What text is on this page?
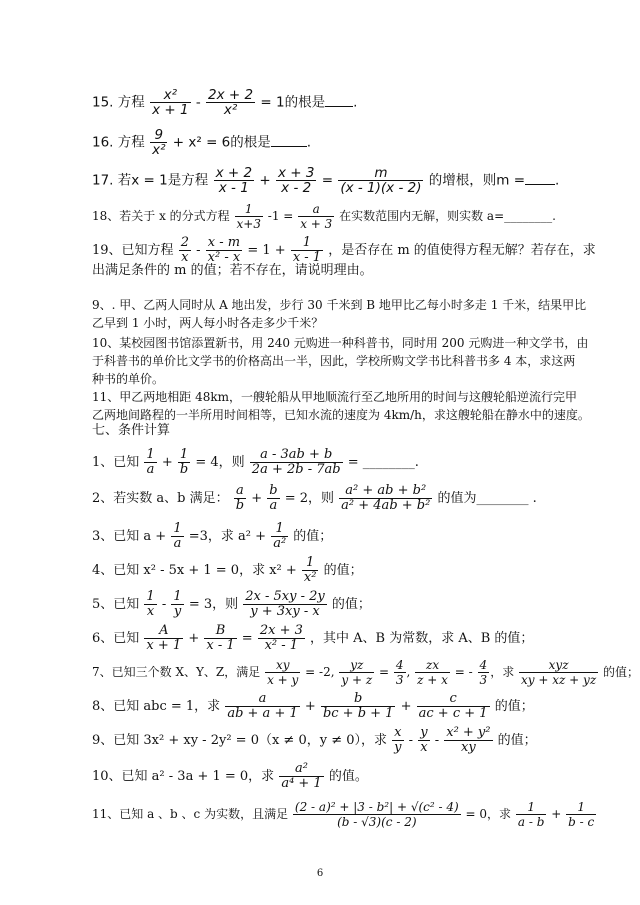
15. 方程 $\frac{\text{x²}}{x + 1} - \frac{2x + 2}{\text{x²}} = 1$的根是 .
16. 方程 $\frac{9}{\text{x²}} + x^2 = 6$的根是	.
17. 若x = 1是方程 $\frac{x + 2}{x - 1} + \frac{x + 3}{x - 2} = \frac{m}{(x - 1)(x - 2)}$ 的增根，则m = .
18、若关于 x 的分式方程 $\frac{1}{x+3} -1 = \frac{a}{x + 3}$ 在实数范围内无解，则实数 a=________.
19、已知方程 $\frac{2}{x} - \frac{x - m}{\text{x² - x}} = 1 + \frac{1}{x - 1}$ ，是否存在 m 的值使得方程无解？若存在，求
出满足条件的 m 的值；若不存在，请说明理由。
9、. 甲、乙两人同时从 A 地出发，步行 30 千米到 B 地甲比乙每小时多走 1 千米，结果甲比
乙早到 1 小时，两人每小时各走多少千米？
10、某校园图书馆添置新书，用 240 元购进一种科普书，同时用 200 元购进一种文学书，由
于科普书的单价比文学书的价格高出一半，因此，学校所购文学书比科普书多 4 本，求这两
种书的单价。
11、甲乙两地相距 48km，一艘轮船从甲地顺流行至乙地所用的时间与这艘轮船逆流行完甲
乙两地间路程的一半所用时间相等，已知水流的速度为 4km/h，求这艘轮船在静水中的速度。
七、条件计算
1、已知 $\frac{1}{a} + \frac{1}{b} = 4$，则 $\frac{a - 3ab + b}{2a + 2b - 7ab}$ = ________.
2、若实数 a、b 满足： $\frac{a}{b} + \frac{b}{a} = 2$，则 $\frac{\text{a² + ab + b²}}{\text{a² + 4ab + b²}}$ 的值为________ .
3、已知 $a + \frac{1}{a} =3$，求 $a^2 + \frac{1}{\text{a²}}$ 的值；
4、已知 x² - 5x + 1 = 0，求 $x^2 + \frac{1}{\text{x²}}$ 的值；
5、已知 $\frac{1}{x} - \frac{1}{y} = 3$，则 $\frac{2x - 5xy - 2y}{y + 3xy - x}$ 的值；
6、已知 $\frac{A}{x + 1} + \frac{B}{x - 1} = \frac{2x + 3}{\text{x² - 1}}$ ，其中 A、B 为常数，求 A、B 的值；
7、已知三个数 X、Y、Z，满足 $\frac{xy}{x + y} = -2$, $\frac{yz}{y + z} = \frac{4}{3}$ , $\frac{zx}{z + x}$ = - $\frac{4}{3}$ ，求 $\frac{\text{xyz}}{xy + xz + yz}$ 的值；
8、已知 abc = 1，求 $\frac{a}{ab + a + 1} + \frac{b}{bc + b + 1} + \frac{c}{ac + c + 1}$ 的值；
9、已知 3x² + xy - 2y² = 0（x ≠ 0，y ≠ 0），求 $\frac{x}{y} - \frac{y}{x} - \frac{\text{x² + y²}}{xy}$ 的值；
10、已知 a² - 3a + 1 = 0，求 $\frac{\text{a²}}{\text{a⁴ + 1}}$ 的值。
11、已知 a 、b 、c 为实数，且满足 $\frac{\text{(2 - a)² + |3 - b²| + √(c² - 4)}}{(b - √3)(c - 2)} = 0$，求 $\frac{1}{a - b} + \frac{1}{b - c}$
6
